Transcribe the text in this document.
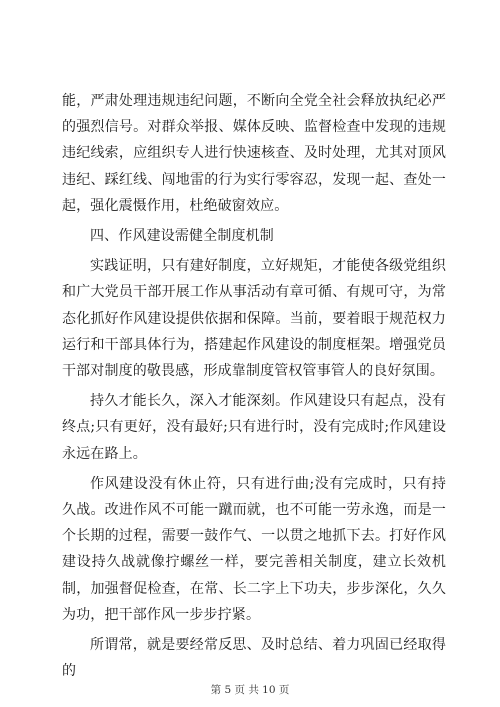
能，严肃处理违规违纪问题，不断向全党全社会释放执纪必严的强烈信号。对群众举报、媒体反映、监督检查中发现的违规违纪线索，应组织专人进行快速核查、及时处理，尤其对顶风违纪、踩红线、闯地雷的行为实行零容忍，发现一起、查处一起，强化震慑作用，杜绝破窗效应。

四、作风建设需健全制度机制

实践证明，只有建好制度，立好规矩，才能使各级党组织和广大党员干部开展工作从事活动有章可循、有规可守，为常态化抓好作风建设提供依据和保障。当前，要着眼于规范权力运行和干部具体行为，搭建起作风建设的制度框架。增强党员干部对制度的敬畏感，形成靠制度管权管事管人的良好氛围。

持久才能长久，深入才能深刻。作风建设只有起点，没有终点;只有更好，没有最好;只有进行时，没有完成时;作风建设永远在路上。

作风建设没有休止符，只有进行曲;没有完成时，只有持久战。改进作风不可能一蹴而就，也不可能一劳永逸，而是一个长期的过程，需要一鼓作气、一以贯之地抓下去。打好作风建设持久战就像拧螺丝一样，要完善相关制度，建立长效机制，加强督促检查，在常、长二字上下功夫，步步深化，久久为功，把干部作风一步步拧紧。

所谓常，就是要经常反思、及时总结、着力巩固已经取得的

第 5 页 共 10 页
